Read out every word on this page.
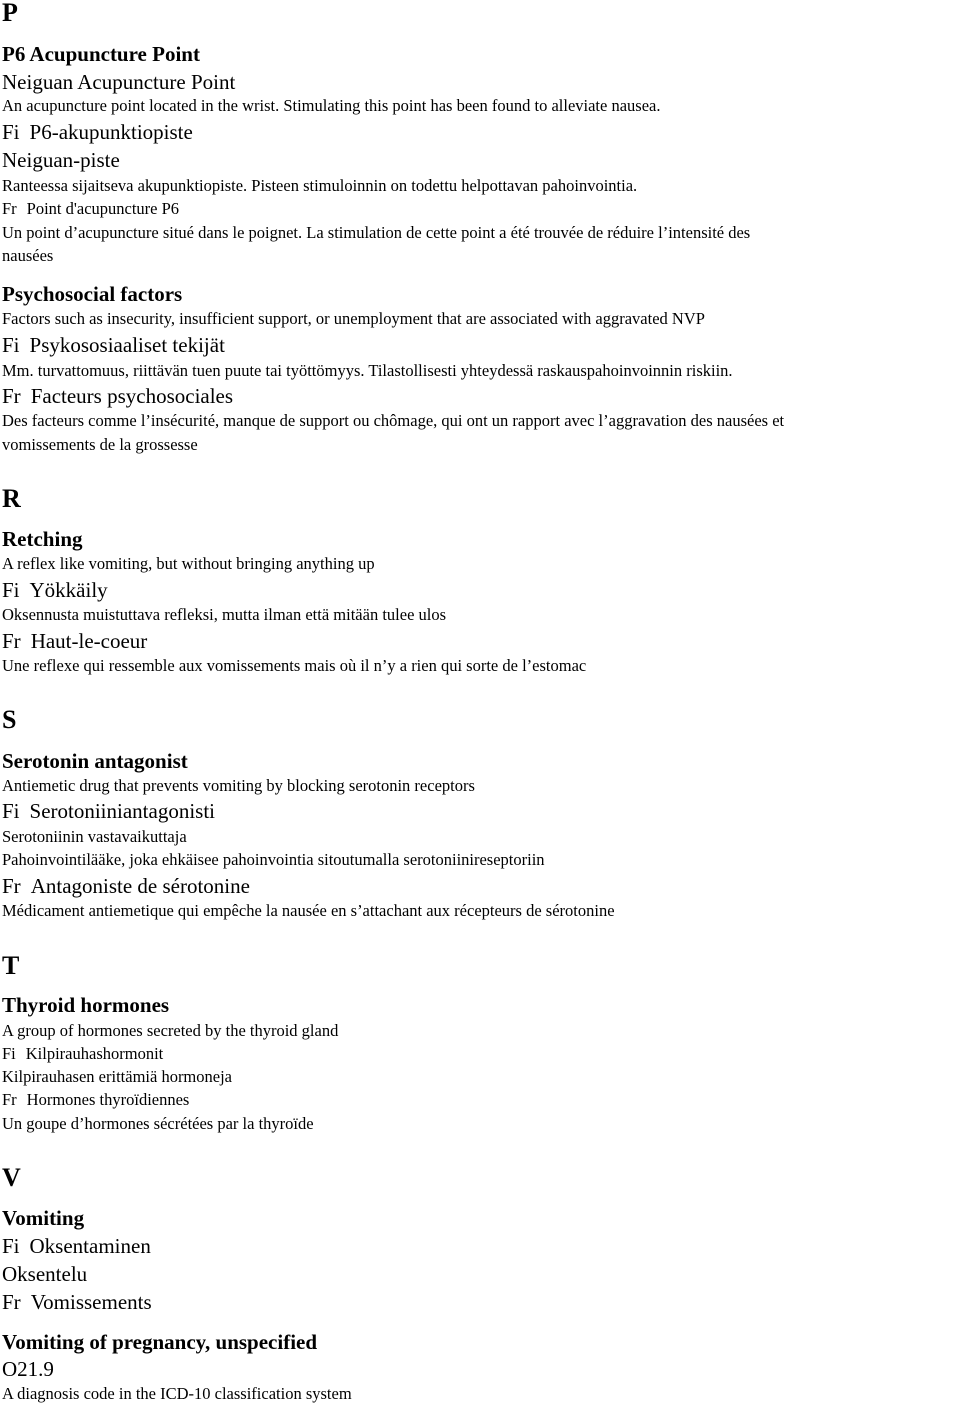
P
P6 Acupuncture Point
Neiguan Acupuncture Point
An acupuncture point located in the wrist. Stimulating this point has been found to alleviate nausea.
Fi P6-akupunktiopiste
Neiguan-piste
Ranteessa sijaitseva akupunktiopiste. Pisteen stimuloinnin on todettu helpottavan pahoinvointia.
Fr Point d'acupuncture P6
Un point d’acupuncture situé dans le poignet. La stimulation de cette point a été trouvée de réduire l’intensité des
nausées
Psychosocial factors
Factors such as insecurity, insufficient support, or unemployment that are associated with aggravated NVP
Fi Psykososiaaliset tekijät
Mm. turvattomuus, riittävän tuen puute tai työttömyys. Tilastollisesti yhteydessä raskauspahoinvoinnin riskiin.
Fr Facteurs psychosociales
Des facteurs comme l’insécurité, manque de support ou chômage, qui ont un rapport avec l’aggravation des nausées et
vomissements de la grossesse
R
Retching
A reflex like vomiting, but without bringing anything up
Fi Yökkäily
Oksennusta muistuttava refleksi, mutta ilman että mitään tulee ulos
Fr Haut-le-coeur
Une reflexe qui ressemble aux vomissements mais où il n’y a rien qui sorte de l’estomac
S
Serotonin antagonist
Antiemetic drug that prevents vomiting by blocking serotonin receptors
Fi Serotoniiniantagonisti
Serotoniinin vastavaikuttaja
Pahoinvointilääke, joka ehkäisee pahoinvointia sitoutumalla serotoniinireseptoriin
Fr Antagoniste de sérotonine
Médicament antiemetique qui empêche la nausée en s’attachant aux récepteurs de sérotonine
T
Thyroid hormones
A group of hormones secreted by the thyroid gland
Fi Kilpirauhashormonit
Kilpirauhasen erittämiä hormoneja
Fr Hormones thyroïdiennes
Un goupe d’hormones sécrétées par la thyroïde
V
Vomiting
Fi Oksentaminen
Oksentelu
Fr Vomissements
Vomiting of pregnancy, unspecified
O21.9
A diagnosis code in the ICD-10 classification system
